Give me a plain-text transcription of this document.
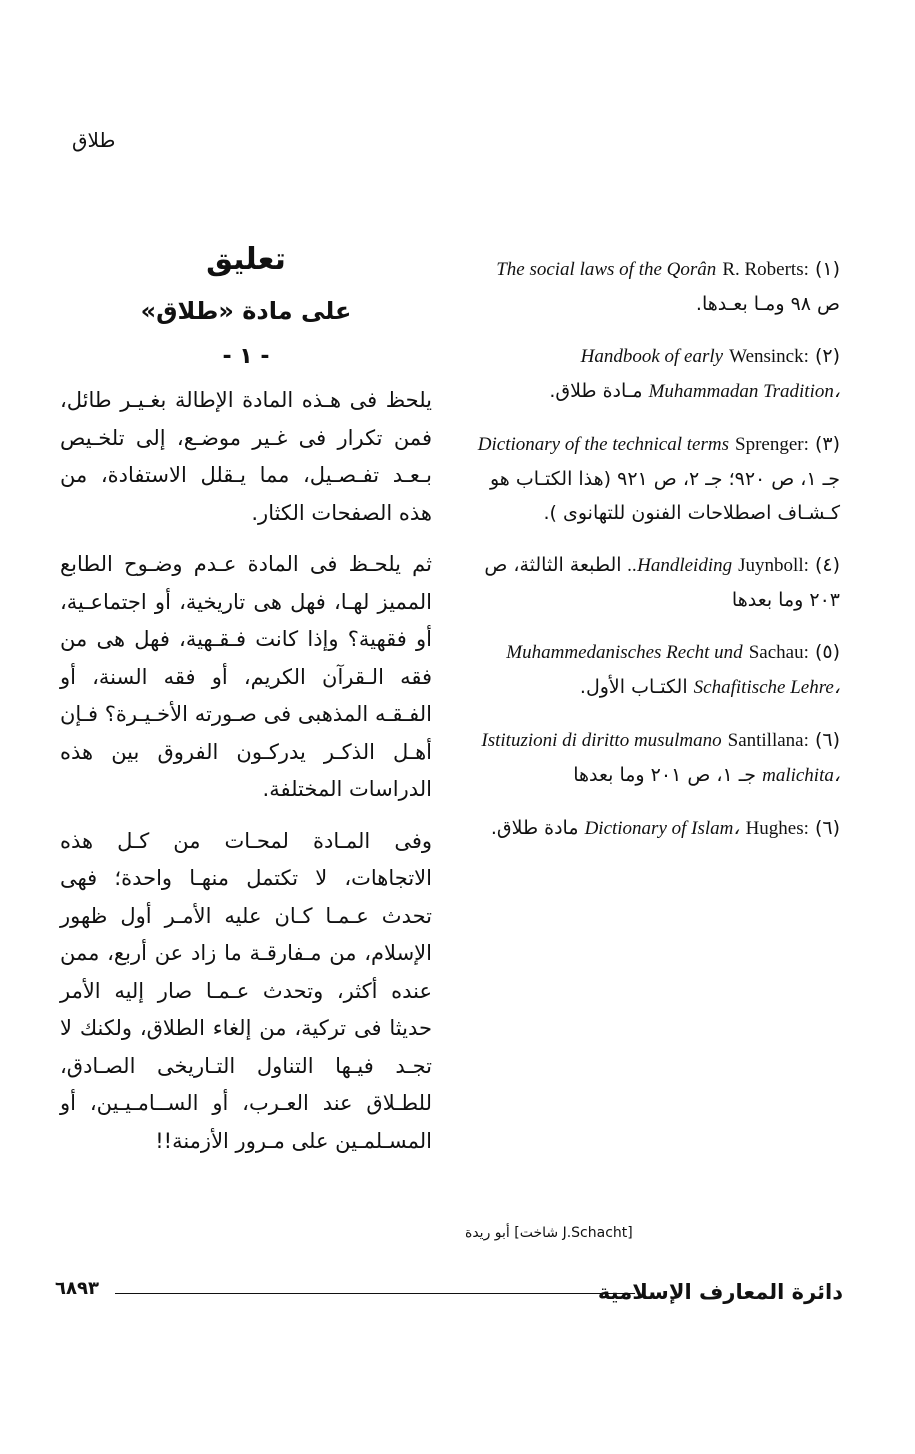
طلاق
تعليق
على مادة «طلاق»
- ١ -

يلحظ فى هـذه المادة الإطالة بغـيـر طائل، فمن تكرار فى غـير موضـع، إلى تلخـيص بـعـد تفـصـيل، مما يـقلل الاستفادة، من هذه الصفحات الكثار.

ثم يلحـظ فى المادة عـدم وضـوح الطابع المميز لهـا، فهل هى تاريخية، أو اجتماعـية، أو فقهية؟ وإذا كانت فـقـهية، فهل هى من فقه الـقرآن الكريم، أو فقه السنة، أو الفـقـه المذهبى فى صـورته الأخـيـرة؟ فـإن أهـل الذكـر يدركـون الفروق بين هذه الدراسات المختلفة.

وفى المـادة لمحـات من كـل هذه الاتجاهات، لا تكتمل منهـا واحدة؛ فهى تحدث عـمـا كـان عليه الأمـر أول ظهور الإسلام، من مـفارقـة ما زاد عن أربع، ممن عنده أكثر، وتحدث عـمـا صار إليه الأمر حديثا فى تركية، من إلغاء الطلاق، ولكنك لا تجـد فيـها التناول التـاريخى الصـادق، للطـلاق عند العـرب، أو الســامـيـين، أو المسـلمـين على مـرور الأزمنة!!

(١) R. Roberts: The social laws of the Qorân ص ٩٨ ومـا بعـدها.

(٢) Wensinck: Handbook of early Muhammadan Tradition، مـادة طلاق.

(٣) Sprenger: Dictionary of the technical terms جـ ١، ص ٩٢٠؛ جـ ٢، ص ٩٢١ (هذا الكتـاب هو كـشـاف اصطلاحات الفنون للتهانوى ).

(٤) Juynboll: ..Handleiding الطبعة الثالثة، ص ٢٠٣ وما بعدها

(٥) Sachau: Muhammedanisches Recht und Schafitische Lehre، الكتـاب الأول.

(٦) Santillana: Istituzioni di diritto musulmano malichita، جـ ١، ص ٢٠١ وما بعدها

(٦) Hughes: Dictionary of Islam، مادة طلاق.

[J.Schacht شاخت] أبو ريدة
٦٨٩٣	دائرة المعارف الإسلامية
